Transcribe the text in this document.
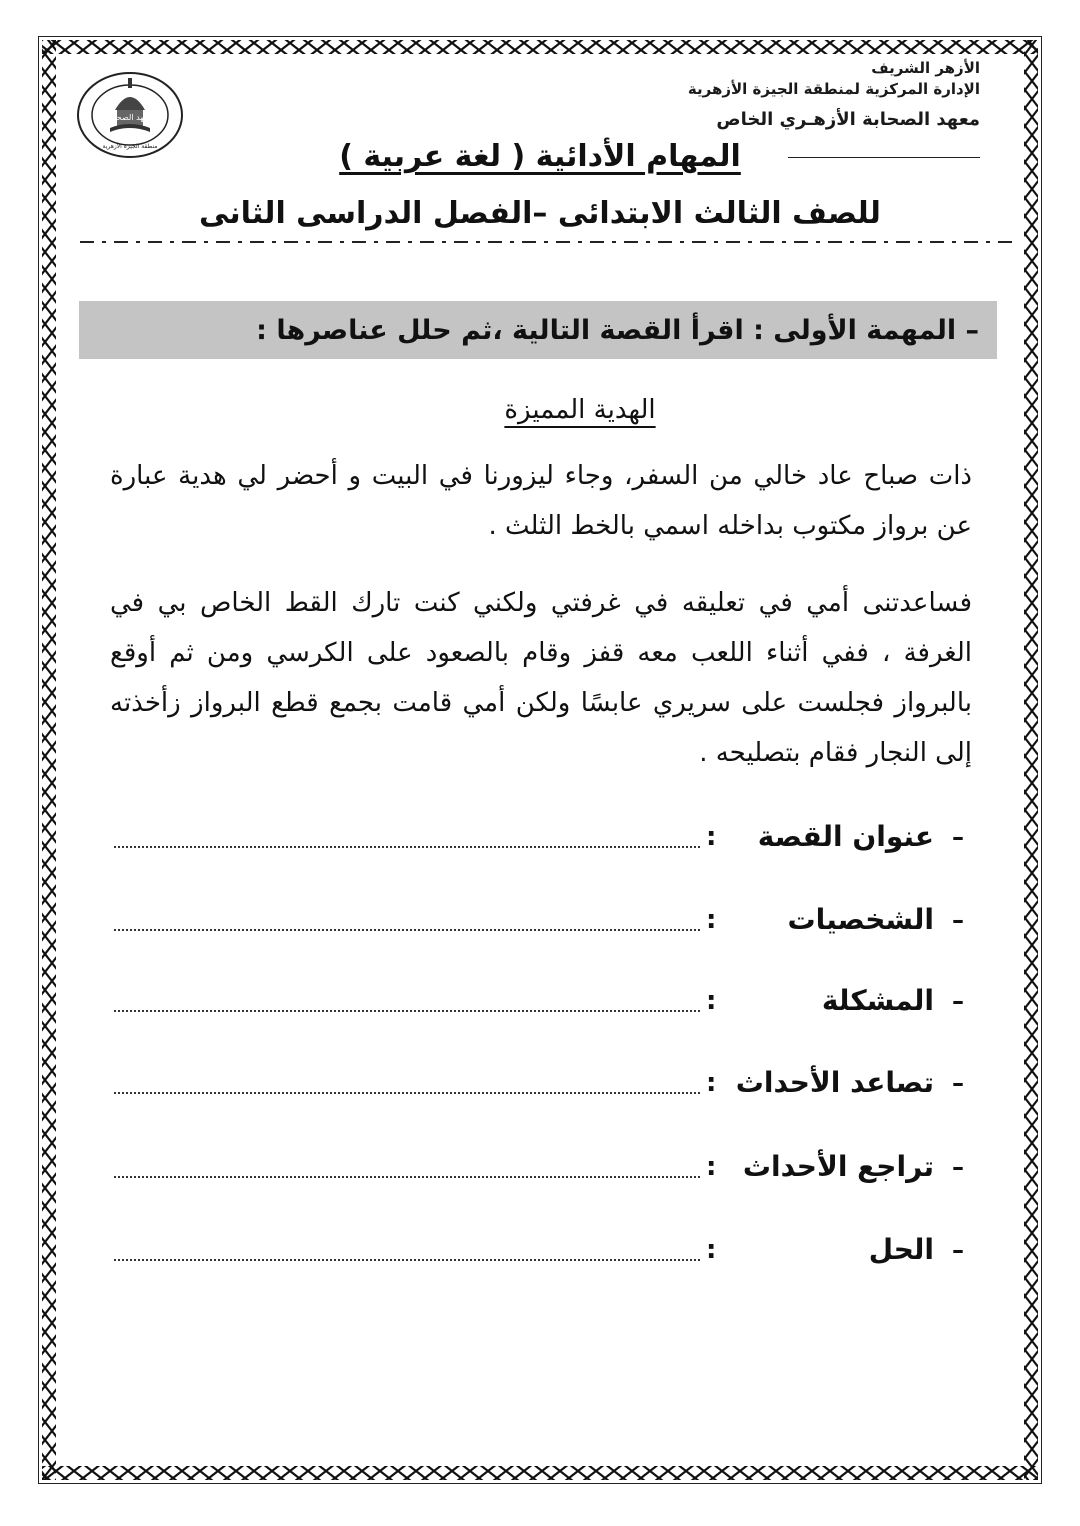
الأزهر الشريف
الإدارة المركزية لمنطقة الجيزة الأزهرية
معهد الصحابة الأزهـري الخاص
معهد الصحابة
منطقة الجيزة الأزهرية	المهام الأدائية ( لغة عربية )
للصف الثالث الابتدائى –الفصل الدراسى الثانى
– المهمة الأولى : اقرأ القصة التالية ،ثم حلل عناصرها :
الهدية المميزة
ذات صباح عاد خالي من السفر، وجاء ليزورنا في البيت و أحضر لي هدية عبارة عن برواز مكتوب بداخله اسمي بالخط الثلث .
فساعدتنى أمي في تعليقه في غرفتي ولكني كنت تارك القط الخاص بي في الغرفة ، ففي أثناء اللعب معه قفز وقام بالصعود على الكرسي ومن ثم أوقع بالبرواز فجلست على سريري عابسًا ولكن أمي قامت بجمع قطع البرواز زأخذته إلى النجار فقام بتصليحه .
–
عنوان القصة
:
–
الشخصيات
:
–
المشكلة
:
–
تصاعد الأحداث
:
–
تراجع الأحداث
:
–
الحل
:
